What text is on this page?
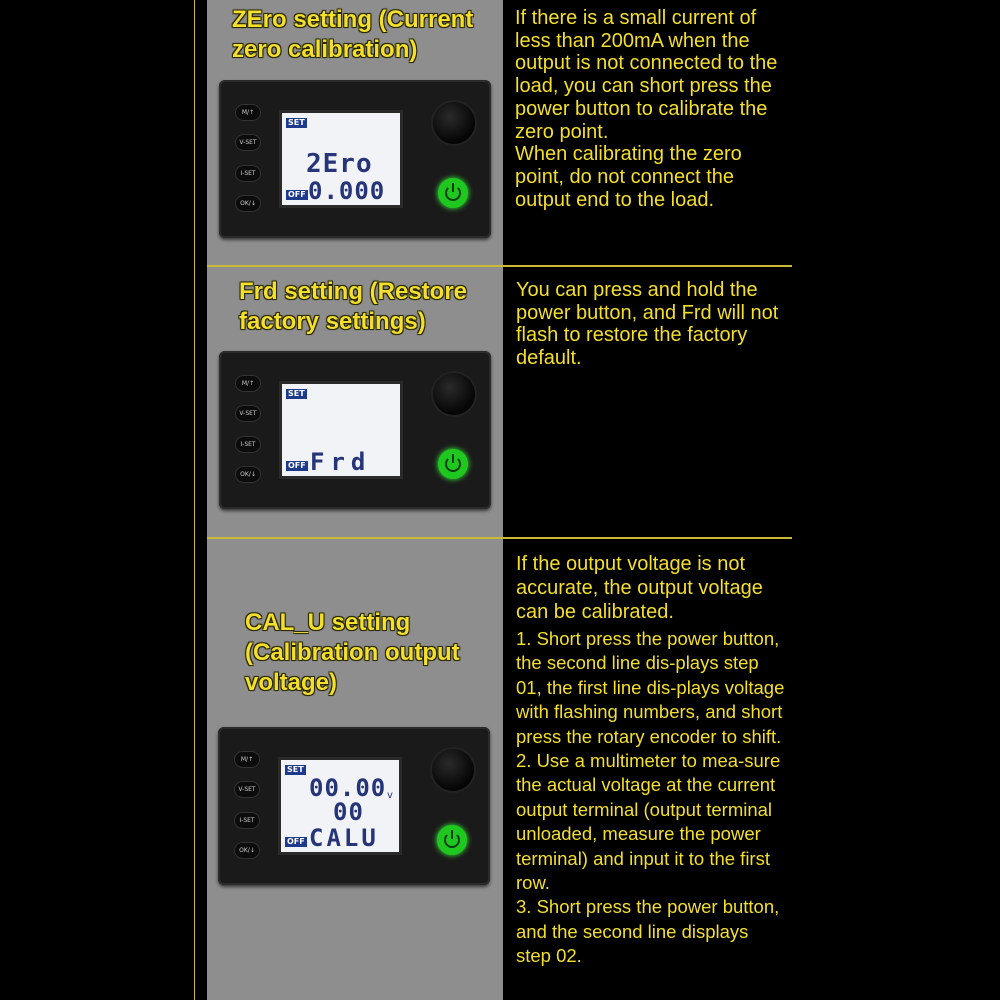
ZEro setting (Current zero calibration)
M/↑
V-SET
I-SET
OK/↓
SET
2Ero
OFF 0.000

If there is a small current of less than 200mA when the output is not connected to the load, you can short press the power button to calibrate the zero point.

When calibrating the zero point, do not connect the output end to the load.

Frd setting (Restore factory settings)
M/↑
V-SET
I-SET
OK/↓
SET
OFF Frd

You can press and hold the power button, and Frd will not flash to restore the factory default.

CAL_U setting (Calibration output voltage)
M/↑
V-SET
I-SET
OK/↓
SET
00.00 v
00
OFF CALU

If the output voltage is not accurate, the output voltage can be calibrated.

1. Short press the power button, the second line dis-plays step 01, the first line dis-plays voltage with flashing numbers, and short press the rotary encoder to shift.

2. Use a multimeter to mea-sure the actual voltage at the current output terminal (output terminal unloaded, measure the power terminal) and input it to the first row.

3. Short press the power button, and the second line displays step 02.
